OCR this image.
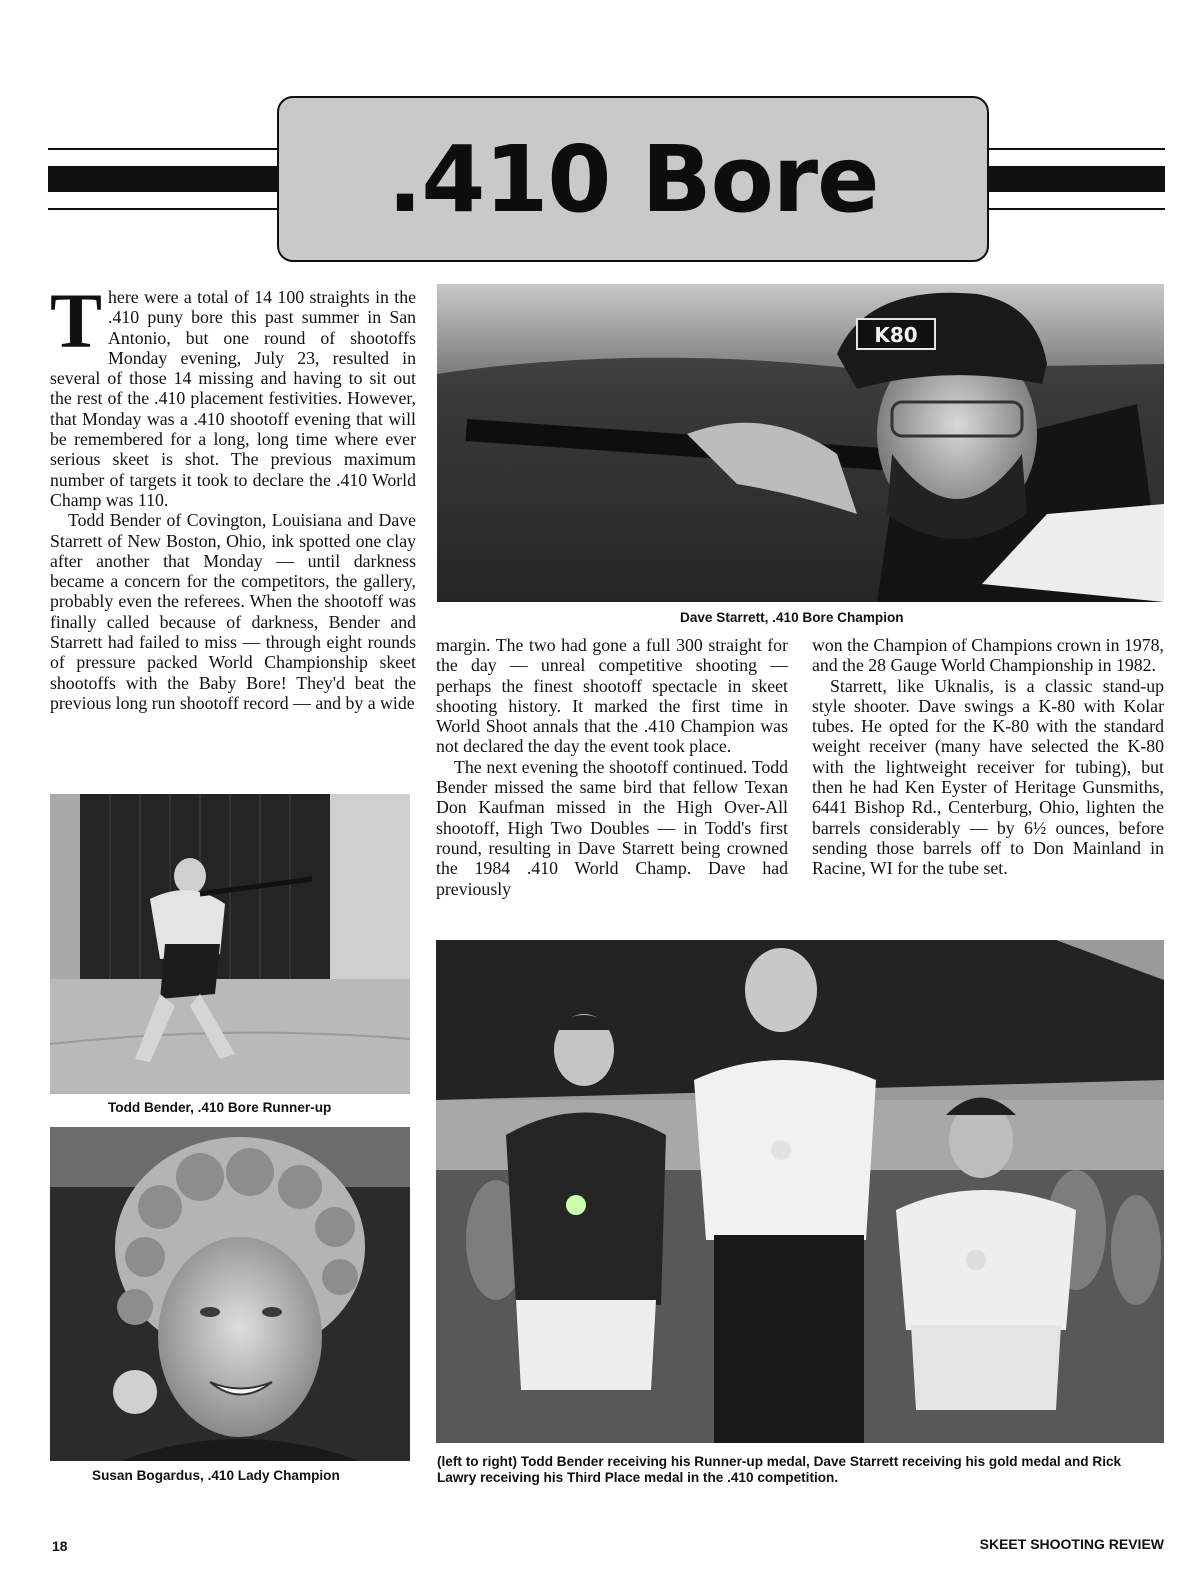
.410 Bore

There were a total of 14 100 straights in the .410 puny bore this past summer in San Antonio, but one round of shootoffs Monday evening, July 23, resulted in several of those 14 missing and having to sit out the rest of the .410 placement festivities. However, that Monday was a .410 shootoff evening that will be remembered for a long, long time where ever serious skeet is shot. The previous maximum number of targets it took to declare the .410 World Champ was 110.

Todd Bender of Covington, Louisiana and Dave Starrett of New Boston, Ohio, ink spotted one clay after another that Monday — until darkness became a concern for the competitors, the gallery, probably even the referees. When the shootoff was finally called because of darkness, Bender and Starrett had failed to miss — through eight rounds of pressure packed World Championship skeet shootoffs with the Baby Bore! They'd beat the previous long run shootoff record — and by a wide

K80
Dave Starrett, .410 Bore Champion

margin. The two had gone a full 300 straight for the day — unreal competitive shooting — perhaps the finest shootoff spectacle in skeet shooting history. It marked the first time in World Shoot annals that the .410 Champion was not declared the day the event took place.

The next evening the shootoff continued. Todd Bender missed the same bird that fellow Texan Don Kaufman missed in the High Over-All shootoff, High Two Doubles — in Todd's first round, resulting in Dave Starrett being crowned the 1984 .410 World Champ. Dave had previously

won the Champion of Champions crown in 1978, and the 28 Gauge World Championship in 1982.

Starrett, like Uknalis, is a classic stand-up style shooter. Dave swings a K-80 with Kolar tubes. He opted for the K-80 with the standard weight receiver (many have selected the K-80 with the lightweight receiver for tubing), but then he had Ken Eyster of Heritage Gunsmiths, 6441 Bishop Rd., Centerburg, Ohio, lighten the barrels considerably — by 6½ ounces, before sending those barrels off to Don Mainland in Racine, WI for the tube set.

Todd Bender, .410 Bore Runner-up
Susan Bogardus, .410 Lady Champion
(left to right) Todd Bender receiving his Runner-up medal, Dave Starrett receiving his gold medal and Rick Lawry receiving his Third Place medal in the .410 competition.
18	SKEET SHOOTING REVIEW
